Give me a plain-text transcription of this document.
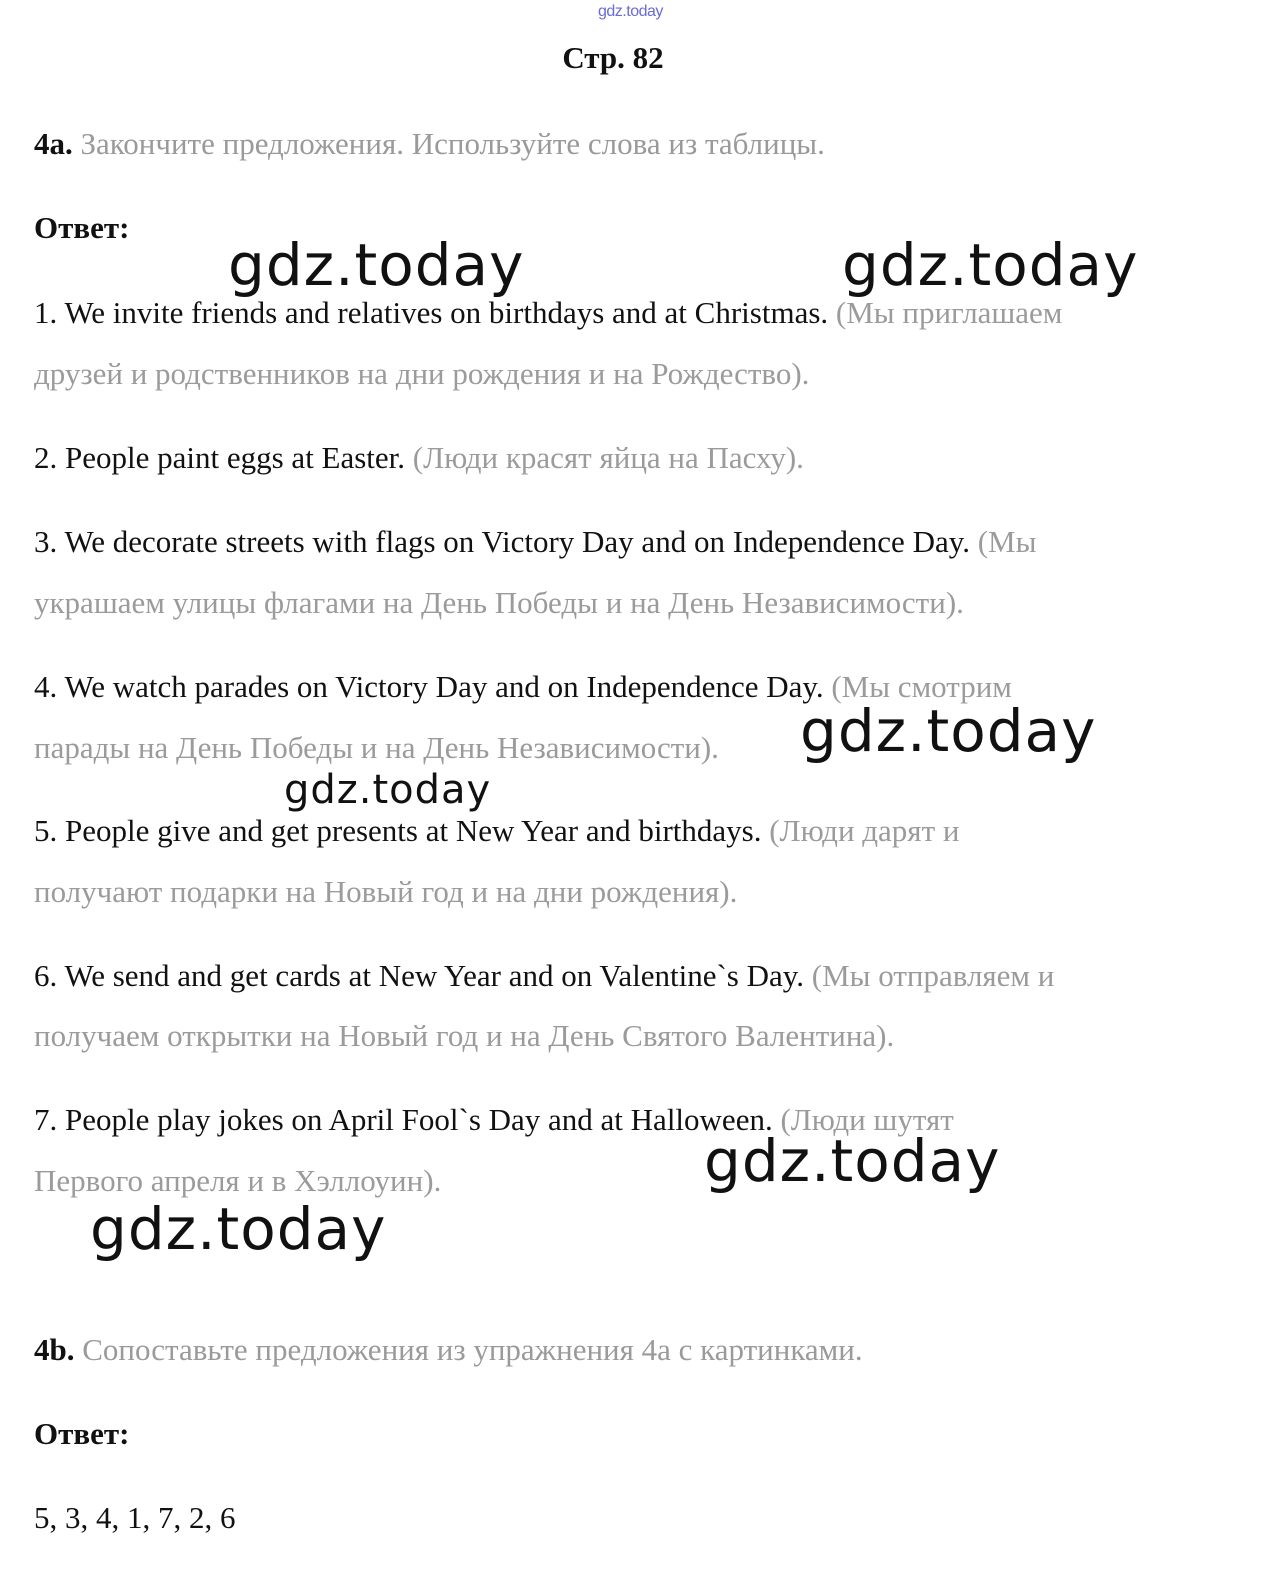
gdz.today
Стр. 82
4a. Закончите предложения. Используйте слова из таблицы.
Ответ:
1. We invite friends and relatives on birthdays and at Christmas. (Мы приглашаем
друзей и родственников на дни рождения и на Рождество).
2. People paint eggs at Easter. (Люди красят яйца на Пасху).
3. We decorate streets with flags on Victory Day and on Independence Day. (Мы
украшаем улицы флагами на День Победы и на День Независимости).
4. We watch parades on Victory Day and on Independence Day. (Мы смотрим
парады на День Победы и на День Независимости).
5. People give and get presents at New Year and birthdays. (Люди дарят и
получают подарки на Новый год и на дни рождения).
6. We send and get cards at New Year and on Valentine`s Day. (Мы отправляем и
получаем открытки на Новый год и на День Святого Валентина).
7. People play jokes on April Fool`s Day and at Halloween. (Люди шутят
Первого апреля и в Хэллоуин).
4b. Сопоставьте предложения из упражнения 4а с картинками.
Ответ:
5, 3, 4, 1, 7, 2, 6
gdz.today	gdz.today
gdz.today
gdz.today
gdz.today
gdz.today
